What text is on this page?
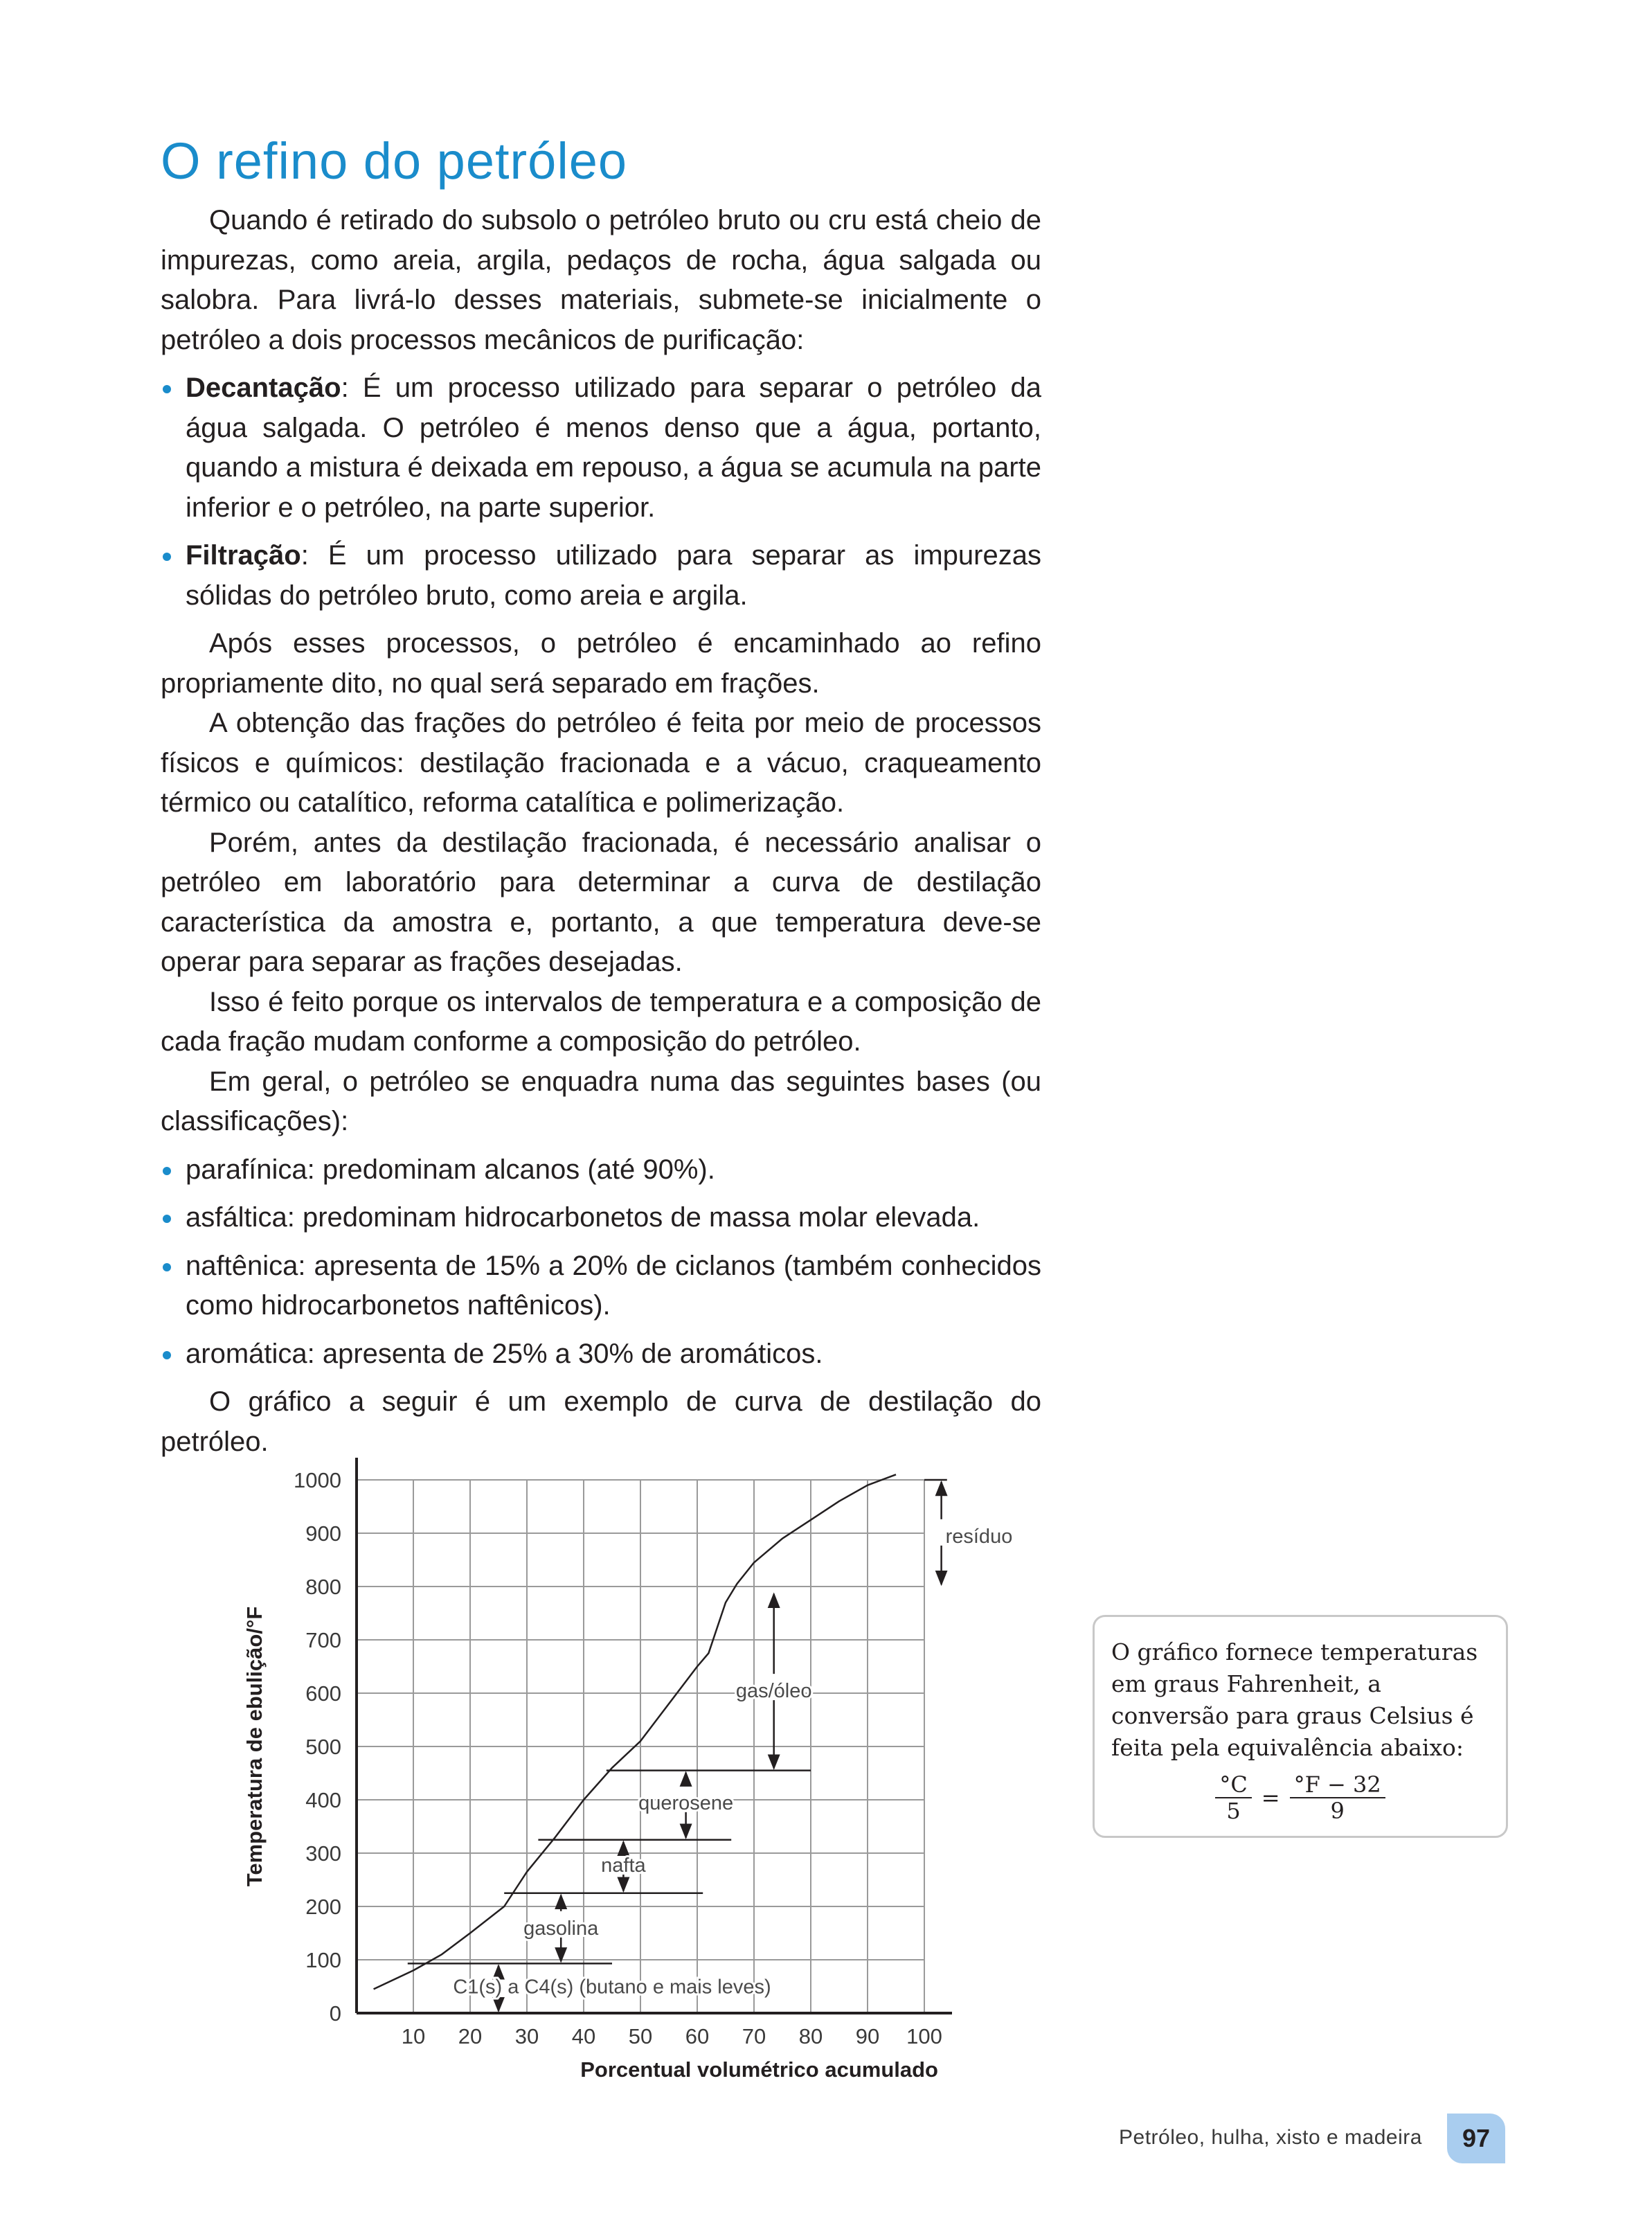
O refino do petróleo

Quando é retirado do subsolo o petróleo bruto ou cru está cheio de impurezas, como areia, argila, pedaços de rocha, água salgada ou salobra. Para livrá-lo desses materiais, submete-se inicialmente o petróleo a dois processos mecânicos de purificação:

Decantação: É um processo utilizado para separar o petróleo da água salgada. O petróleo é menos denso que a água, portanto, quando a mistura é deixada em repouso, a água se acumula na parte inferior e o petróleo, na parte superior.
Filtração: É um processo utilizado para separar as impurezas sólidas do petróleo bruto, como areia e argila.

Após esses processos, o petróleo é encaminhado ao refino propriamente dito, no qual será separado em frações.

A obtenção das frações do petróleo é feita por meio de processos físicos e químicos: destilação fracionada e a vácuo, craqueamento térmico ou catalítico, reforma catalítica e polimerização.

Porém, antes da destilação fracionada, é necessário analisar o petróleo em laboratório para determinar a curva de destilação característica da amostra e, portanto, a que temperatura deve-se operar para separar as frações desejadas.

Isso é feito porque os intervalos de temperatura e a composição de cada fração mudam conforme a composição do petróleo.

Em geral, o petróleo se enquadra numa das seguintes bases (ou classificações):

parafínica: predominam alcanos (até 90%).
asfáltica: predominam hidrocarbonetos de massa molar elevada.
naftênica: apresenta de 15% a 20% de ciclanos (também conhecidos como hidrocarbonetos naftênicos).
aromática: apresenta de 25% a 30% de aromáticos.

O gráfico a seguir é um exemplo de curva de destilação do petróleo.

0
100
200
300
400
500
600
700
800
900
1000
10 20 30 40 50 60 70 80 90 100
Porcentual volumétrico acumulado
Temperatura de ebulição/°F
C1(s) a C4(s) (butano e mais leves)
gasolina
nafta
querosene
gas/óleo
resíduo
O gráfico fornece temperaturas em graus Fahrenheit, a conversão para graus Celsius é feita pela equivalência abaixo:
$\frac{^\circ C}{5} = \frac{^\circ F - 32}{9}$
Petróleo, hulha, xisto e madeira	97
